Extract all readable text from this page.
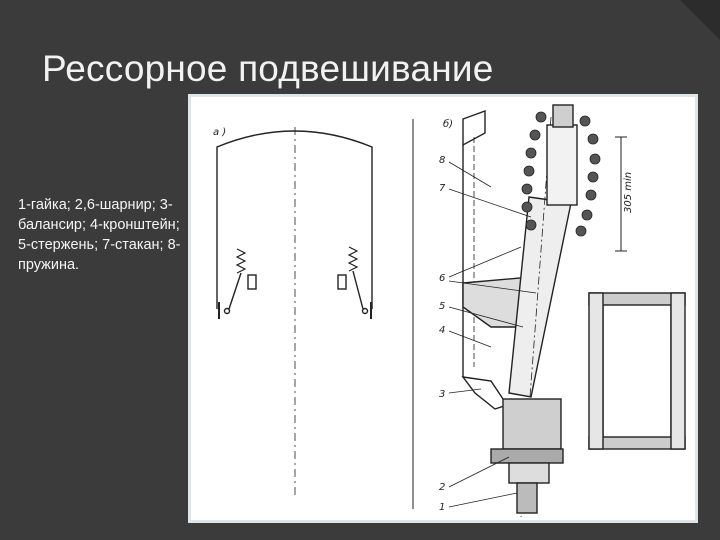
Рессорное подвешивание
1-гайка; 2,6-шарнир; 3-балансир; 4-кронштейн; 5-стержень; 7-стакан; 8-пружина.
а )
б)
305 min
8
7
6
5
4
3
2
1
